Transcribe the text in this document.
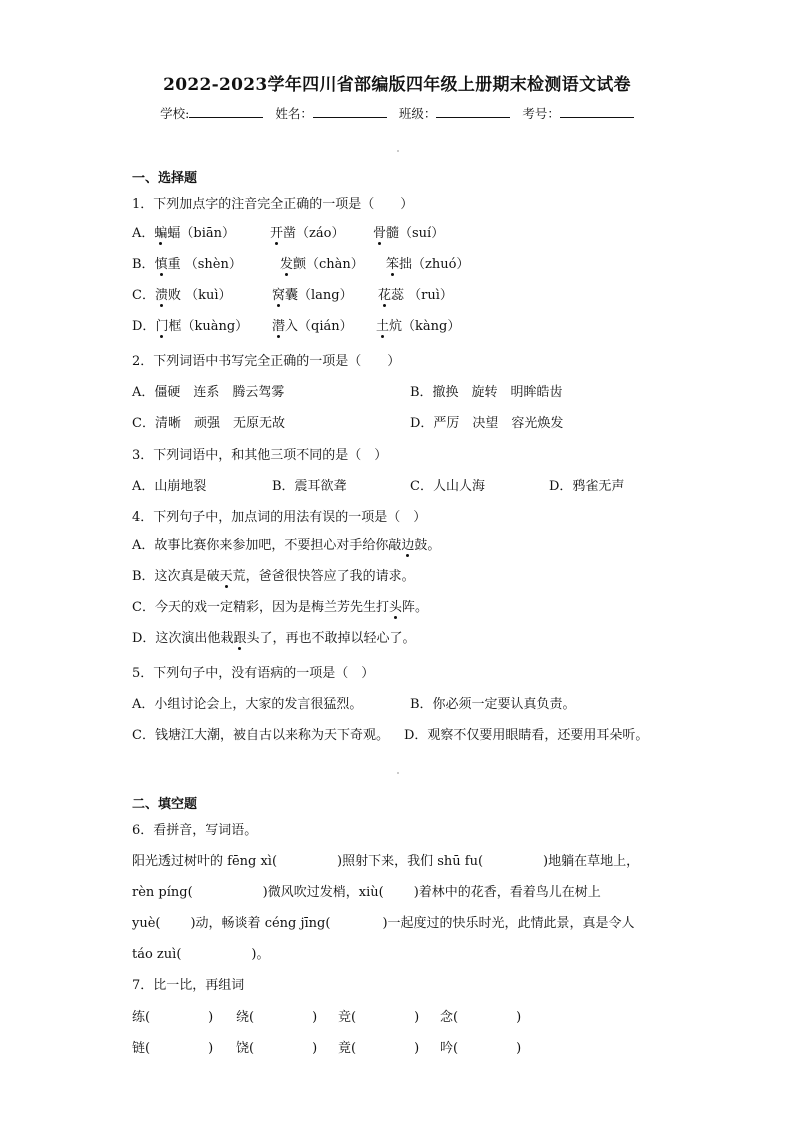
2022-2023学年四川省部编版四年级上册期末检测语文试卷
学校:	姓名：	班级：	考号：
一、选择题
1．下列加点字的注音完全正确的一项是（　　）
A．蝙蝠（biān）	开凿（záo） 骨髓（suí）
B．慎重 （shèn）	发颤（chàn） 笨拙（zhuó）
C．溃败 （kuì）	窝囊（lang） 花蕊 （ruì）
D．门框（kuàng） 潜入（qián） 土炕（kàng）
2．下列词语中书写完全正确的一项是（　　）
A．僵硬　连系　腾云驾雾	B．撤换　旋转　明眸皓齿
C．清晰　顽强　无原无故	D．严厉　决望　容光焕发
3．下列词语中，和其他三项不同的是（　）
A．山崩地裂	B．震耳欲聋	C．人山人海	D．鸦雀无声
4．下列句子中，加点词的用法有误的一项是（　）
A．故事比赛你来参加吧，不要担心对手给你敲边鼓。
B．这次真是破天荒，爸爸很快答应了我的请求。
C．今天的戏一定精彩，因为是梅兰芳先生打头阵。
D．这次演出他栽跟头了，再也不敢掉以轻心了。
5．下列句子中，没有语病的一项是（　）
A．小组讨论会上，大家的发言很猛烈。	B．你必须一定要认真负责。
C．钱塘江大潮，被自古以来称为天下奇观。 D．观察不仅要用眼睛看，还要用耳朵听。
二、填空题
6．看拼音，写词语。
阳光透过树叶的 fēng xì(	)照射下来，我们 shū fu(	)地躺在草地上，
rèn píng(	)微风吹过发梢，xiù( )着林中的花香，看着鸟儿在树上
yuè( )动，畅谈着 céng jīng(	)一起度过的快乐时光，此情此景，真是令人
táo zuì(	)。
7．比一比，再组词
练(	) 绕(	) 竞(	) 念(	)
链(	) 饶(	) 竟(	) 吟(	)
